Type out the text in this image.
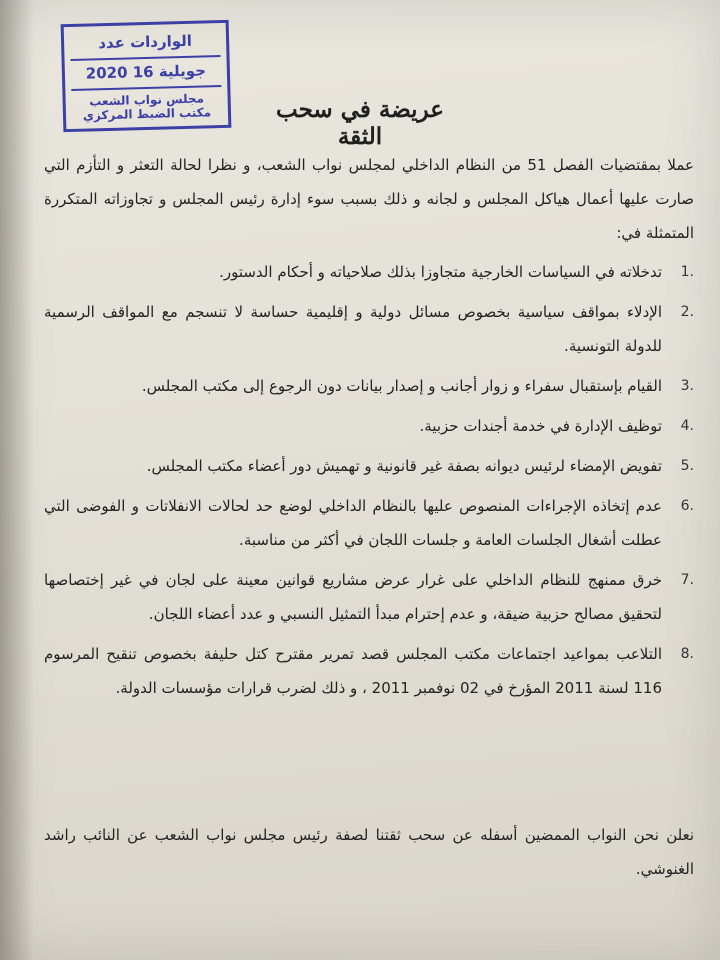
الواردات عدد
2020 جويلية 16
مجلس نواب الشعب
مكتب الضبط المركزي	عريضة في سحب الثقة
عملا بمقتضيات الفصل 51 من النظام الداخلي لمجلس نواب الشعب، و نظرا لحالة التعثر و التأزم التي صارت عليها أعمال هياكل المجلس و لجانه و ذلك بسبب سوء إدارة رئيس المجلس و تجاوزاته المتكررة المتمثلة في:
1.
تدخلاته في السياسات الخارجية متجاوزا بذلك صلاحياته و أحكام الدستور.
2.
الإدلاء بمواقف سياسية بخصوص مسائل دولية و إقليمية حساسة لا تنسجم مع المواقف الرسمية للدولة التونسية.
3.
القيام بإستقبال سفراء و زوار أجانب و إصدار بيانات دون الرجوع إلى مكتب المجلس.
4.
توظيف الإدارة في خدمة أجندات حزبية.
5.
تفويض الإمضاء لرئيس ديوانه بصفة غير قانونية و تهميش دور أعضاء مكتب المجلس.
6.
عدم إتخاذه الإجراءات المنصوص عليها بالنظام الداخلي لوضع حد لحالات الانفلاتات و الفوضى التي عطلت أشغال الجلسات العامة و جلسات اللجان في أكثر من مناسبة.
7.
خرق ممنهج للنظام الداخلي على غرار عرض مشاريع قوانين معينة على لجان في غير إختصاصها لتحقيق مصالح حزبية ضيقة، و عدم إحترام مبدأ التمثيل النسبي و عدد أعضاء اللجان.
8.
التلاعب بمواعيد اجتماعات مكتب المجلس قصد تمرير مقترح كتل حليفة بخصوص تنقيح المرسوم 116 لسنة 2011 المؤرخ في 02 نوفمبر 2011 ، و ذلك لضرب قرارات مؤسسات الدولة.
نعلن نحن النواب الممضين أسفله عن سحب ثقتنا لصفة رئيس مجلس نواب الشعب عن النائب راشد الغنوشي.
